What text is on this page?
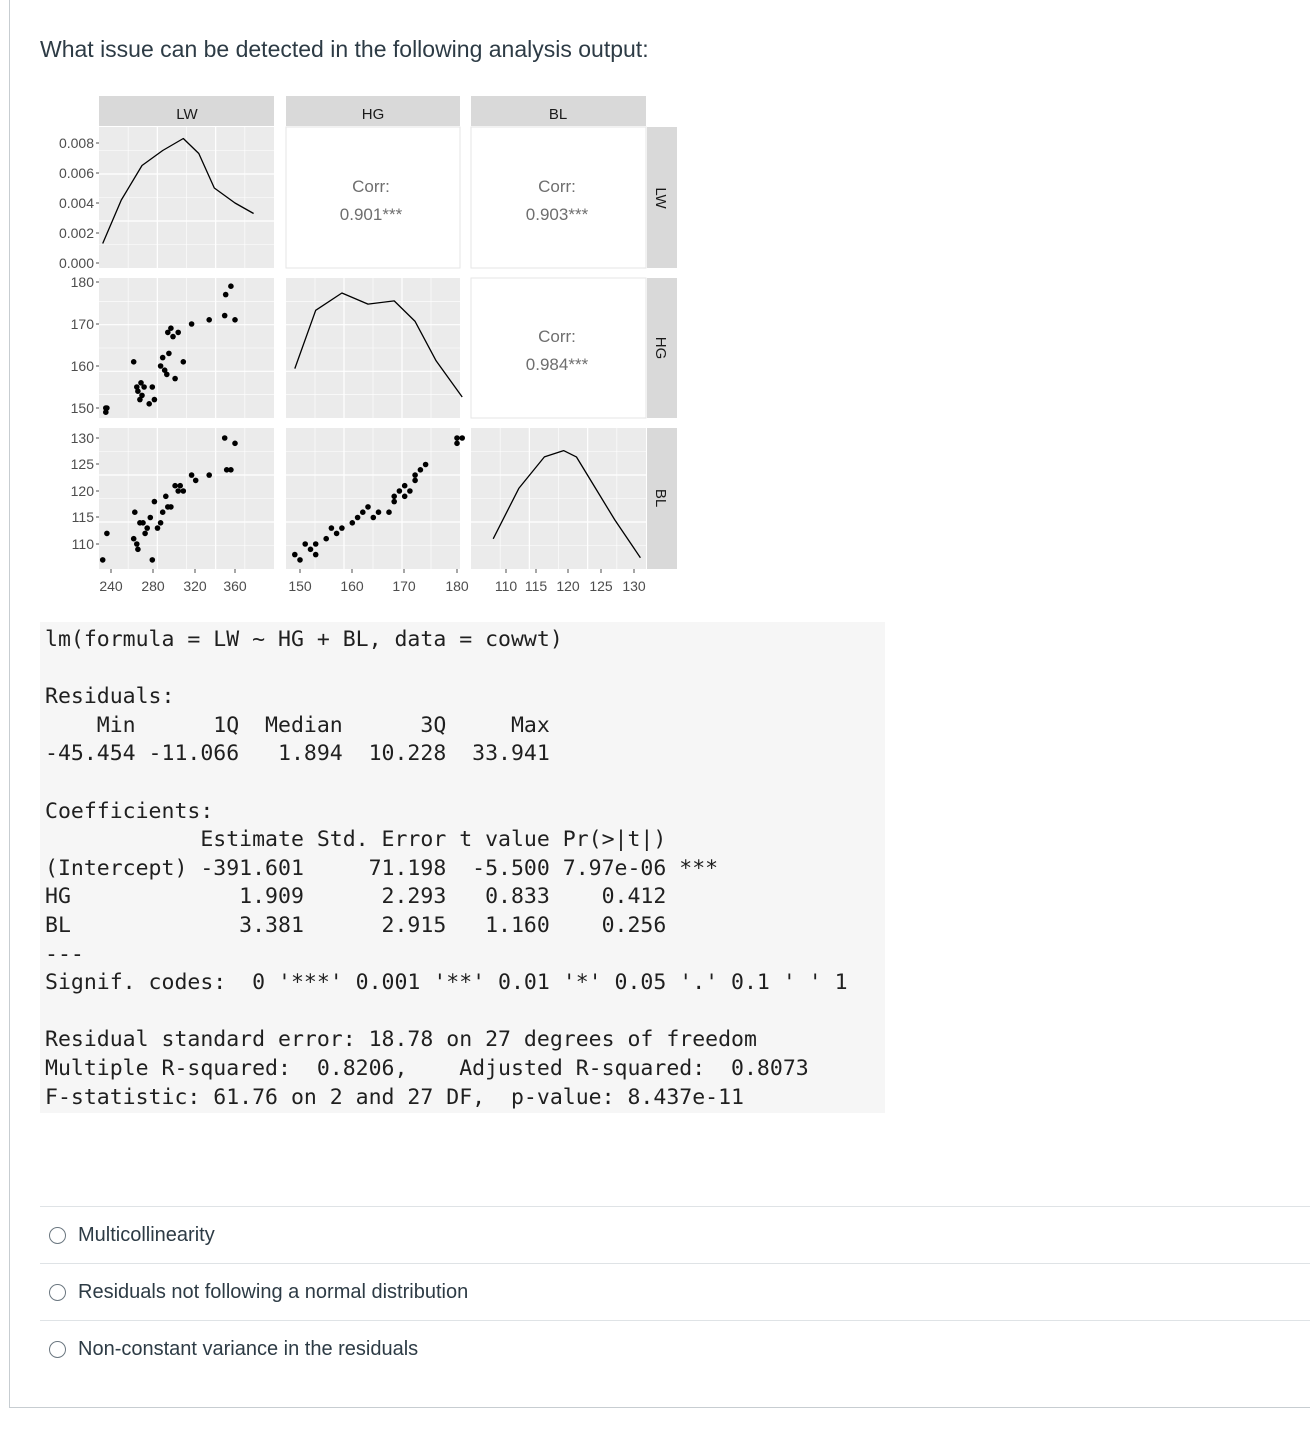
What issue can be detected in the following analysis output:
LW	HG	BL
LW
HG
BL
Corr:
0.901***
Corr:
0.903***
Corr:
0.984***
0.008
0.006
0.004
0.002
0.000
180
170
160
150
130
125
120
115
110
240 280 320 360	150 160 170 180 110 115 120 125 130
lm(formula = LW ~ HG + BL, data = cowwt)

Residuals:
Min      1Q  Median      3Q     Max
-45.454 -11.066   1.894  10.228  33.941

Coefficients:
Estimate Std. Error t value Pr(>|t|)
(Intercept) -391.601     71.198  -5.500 7.97e-06 ***
HG             1.909      2.293   0.833    0.412
BL             3.381      2.915   1.160    0.256
---
Signif. codes:  0 '***' 0.001 '**' 0.01 '*' 0.05 '.' 0.1 ' ' 1

Residual standard error: 18.78 on 27 degrees of freedom
Multiple R-squared:  0.8206,	Adjusted R-squared:  0.8073
F-statistic: 61.76 on 2 and 27 DF,  p-value: 8.437e-11
Multicollinearity
Residuals not following a normal distribution
Non-constant variance in the residuals
